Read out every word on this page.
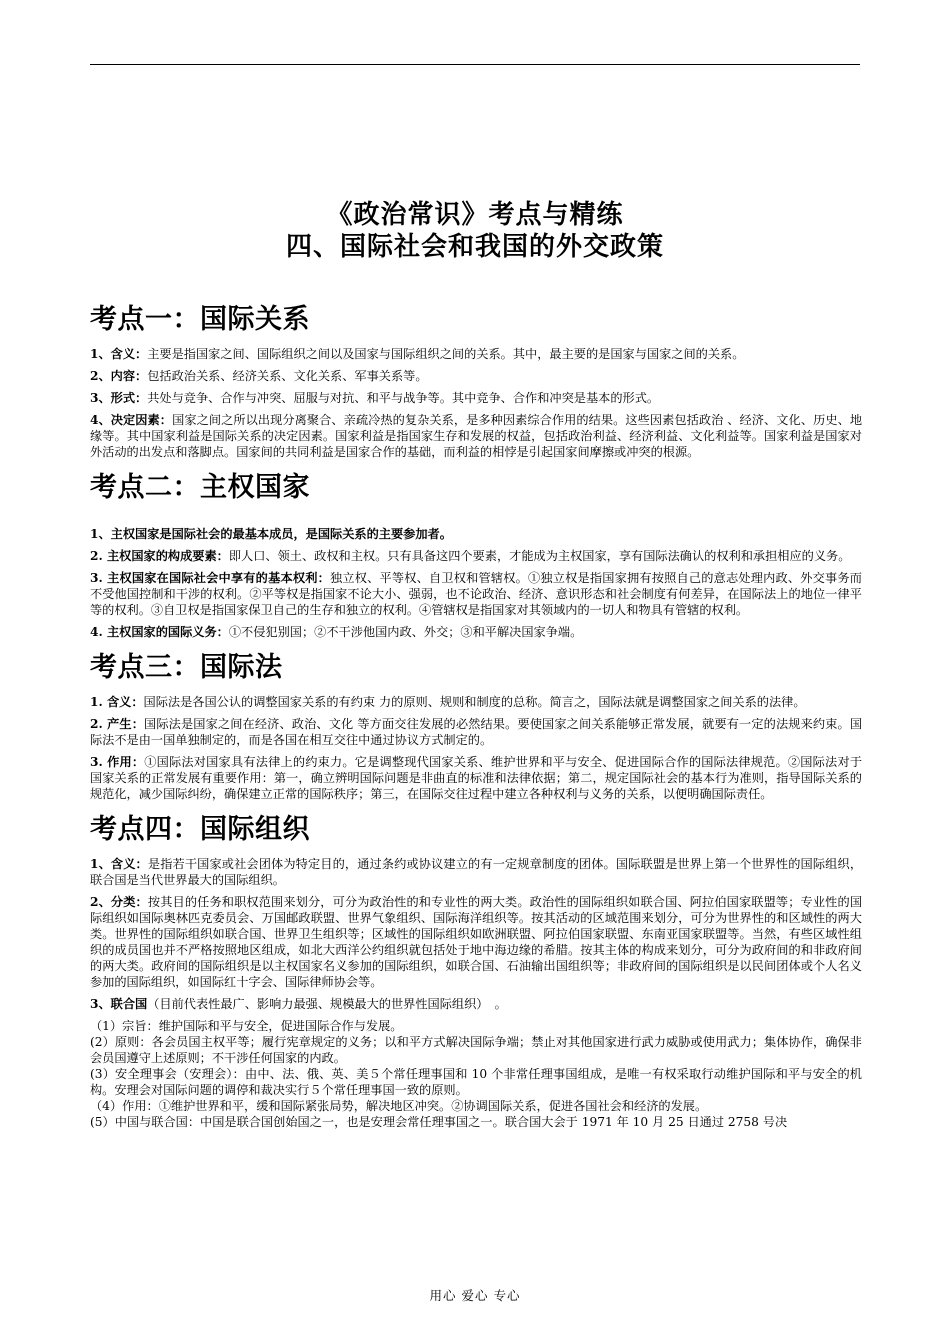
《政治常识》考点与精练
四、国际社会和我国的外交政策
考点一：国际关系

1、含义：主要是指国家之间、国际组织之间以及国家与国际组织之间的关系。其中，最主要的是国家与国家之间的关系。

2、内容：包括政治关系、经济关系、文化关系、军事关系等。

3、形式：共处与竞争、合作与冲突、屈服与对抗、和平与战争等。其中竞争、合作和冲突是基本的形式。

4、决定因素：国家之间之所以出现分离聚合、亲疏冷热的复杂关系，是多种因素综合作用的结果。这些因素包括政治 、经济、文化、历史、地缘等。其中国家利益是国际关系的决定因素。国家利益是指国家生存和发展的权益，包括政治利益、经济利益、文化利益等。国家利益是国家对外活动的出发点和落脚点。国家间的共同利益是国家合作的基础，而利益的相悖是引起国家间摩擦或冲突的根源。

考点二：主权国家

1、主权国家是国际社会的最基本成员，是国际关系的主要参加者。

2. 主权国家的构成要素：即人口、领土、政权和主权。只有具备这四个要素，才能成为主权国家，享有国际法确认的权利和承担相应的义务。

3. 主权国家在国际社会中享有的基本权利：独立权、平等权、自卫权和管辖权。①独立权是指国家拥有按照自己的意志处理内政、外交事务而不受他国控制和干涉的权利。②平等权是指国家不论大小、强弱，也不论政治、经济、意识形态和社会制度有何差异，在国际法上的地位一律平等的权利。③自卫权是指国家保卫自己的生存和独立的权利。④管辖权是指国家对其领域内的一切人和物具有管辖的权利。

4. 主权国家的国际义务：①不侵犯别国；②不干涉他国内政、外交；③和平解决国家争端。

考点三：国际法

1. 含义：国际法是各国公认的调整国家关系的有约束 力的原则、规则和制度的总称。简言之，国际法就是调整国家之间关系的法律。

2. 产生：国际法是国家之间在经济、政治、文化 等方面交往发展的必然结果。要使国家之间关系能够正常发展，就要有一定的法规来约束。国际法不是由一国单独制定的，而是各国在相互交往中通过协议方式制定的。

3. 作用：①国际法对国家具有法律上的约束力。它是调整现代国家关系、维护世界和平与安全、促进国际合作的国际法律规范。②国际法对于国家关系的正常发展有重要作用：第一，确立辨明国际问题是非曲直的标准和法律依据；第二，规定国际社会的基本行为准则，指导国际关系的规范化，减少国际纠纷，确保建立正常的国际秩序；第三，在国际交往过程中建立各种权利与义务的关系，以便明确国际责任。

考点四：国际组织

1、含义：是指若干国家或社会团体为特定目的，通过条约或协议建立的有一定规章制度的团体。国际联盟是世界上第一个世界性的国际组织，联合国是当代世界最大的国际组织。

2、分类：按其目的任务和职权范围来划分，可分为政治性的和专业性的两大类。政治性的国际组织如联合国、阿拉伯国家联盟等；专业性的国际组织如国际奥林匹克委员会、万国邮政联盟、世界气象组织、国际海洋组织等。按其活动的区域范围来划分，可分为世界性的和区域性的两大类。世界性的国际组织如联合国、世界卫生组织等；区域性的国际组织如欧洲联盟、阿拉伯国家联盟、东南亚国家联盟等。当然，有些区域性组织的成员国也并不严格按照地区组成，如北大西洋公约组织就包括处于地中海边缘的希腊。按其主体的构成来划分，可分为政府间的和非政府间的两大类。政府间的国际组织是以主权国家名义参加的国际组织，如联合国、石油输出国组织等；非政府间的国际组织是以民间团体或个人名义参加的国际组织，如国际红十字会、国际律师协会等。

3、联合国（目前代表性最广、影响力最强、规模最大的世界性国际组织）　。

（1）宗旨：维护国际和平与安全，促进国际合作与发展。

(2）原则：各会员国主权平等；履行宪章规定的义务；以和平方式解决国际争端；禁止对其他国家进行武力威胁或使用武力；集体协作，确保非会员国遵守上述原则；不干涉任何国家的内政。

(3）安全理事会（安理会）：由中、法、俄、英、美５个常任理事国和 10 个非常任理事国组成，是唯一有权采取行动维护国际和平与安全的机构。安理会对国际问题的调停和裁决实行５个常任理事国一致的原则。

（4）作用：①维护世界和平，缓和国际紧张局势，解决地区冲突。②协调国际关系，促进各国社会和经济的发展。

(5）中国与联合国：中国是联合国创始国之一，也是安理会常任理事国之一。联合国大会于 1971 年 10 月 25 日通过 2758 号决

用心 爱心 专心
